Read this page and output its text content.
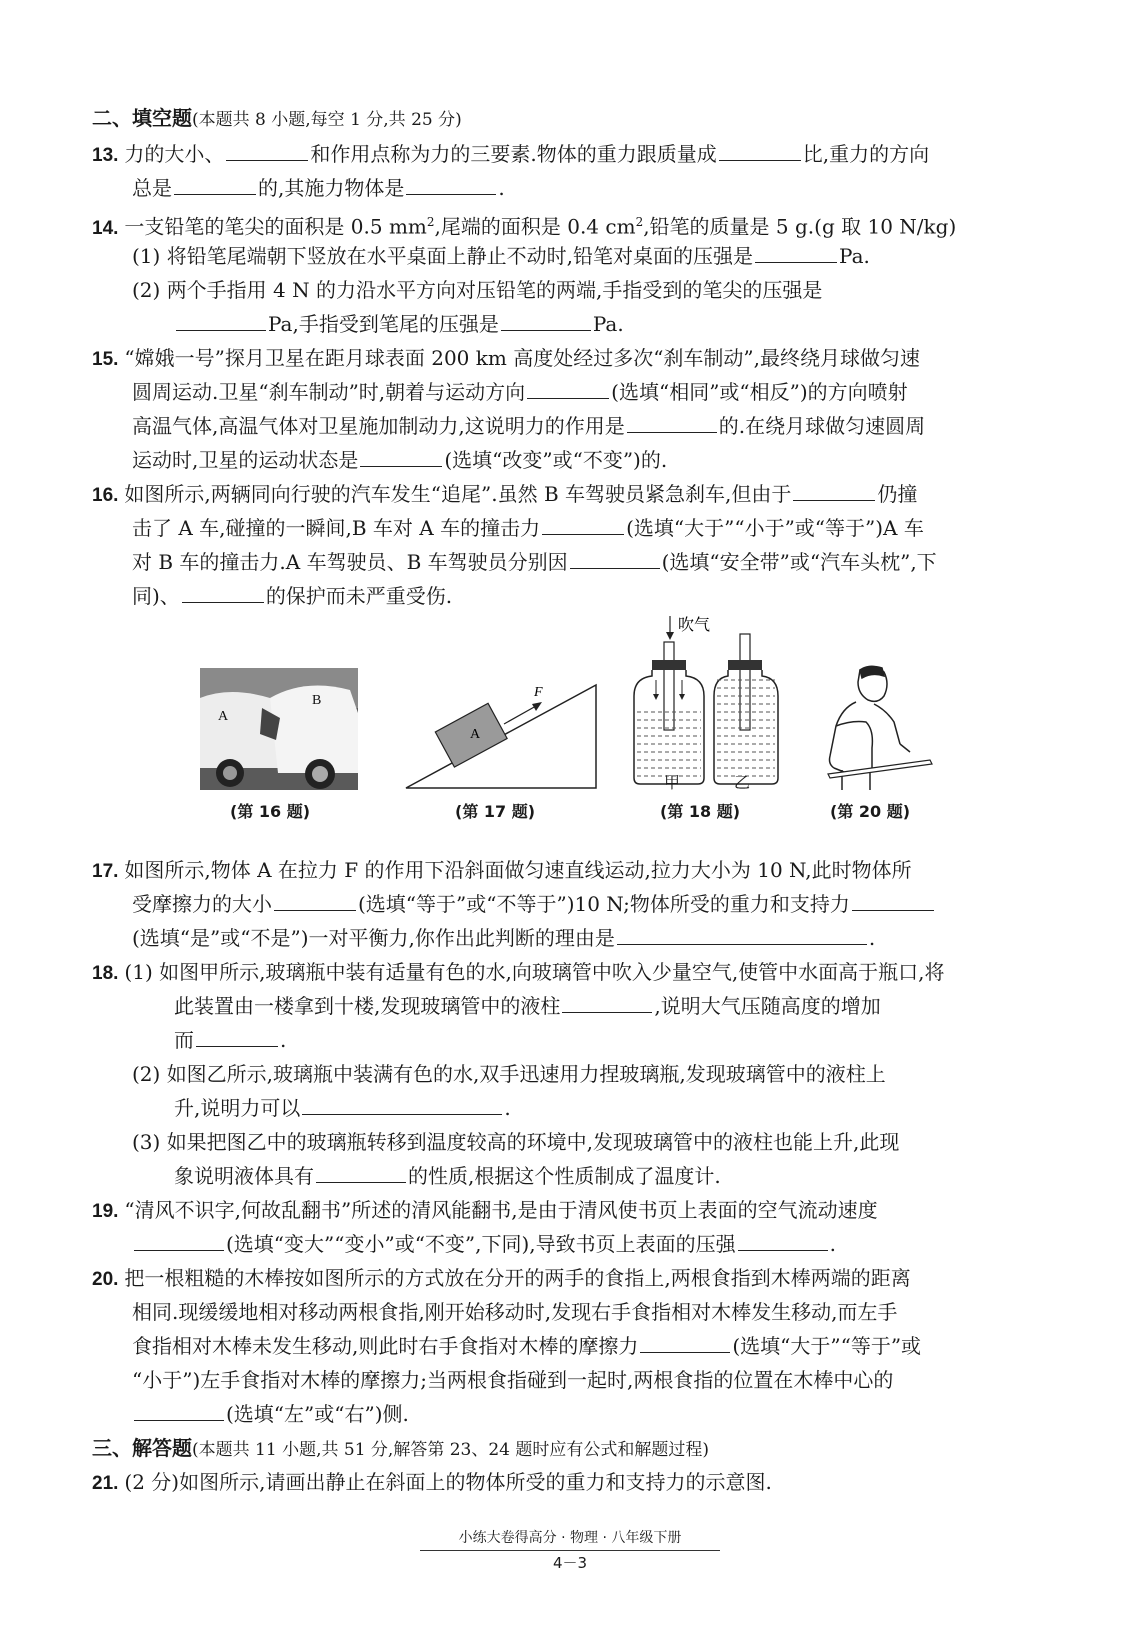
二、填空题(本题共 8 小题,每空 1 分,共 25 分)
13. 力的大小、	和作用点称为力的三要素.物体的重力跟质量成	比,重力的方向
总是	的,其施力物体是	.
14. 一支铅笔的笔尖的面积是 0.5 $mm^2$,尾端的面积是 0.4 $cm^2$,铅笔的质量是 5 g.(g 取 10 N/kg)
(1) 将铅笔尾端朝下竖放在水平桌面上静止不动时,铅笔对桌面的压强是	Pa.
(2) 两个手指用 4 N 的力沿水平方向对压铅笔的两端,手指受到的笔尖的压强是
Pa,手指受到笔尾的压强是	Pa.
15. “嫦娥一号”探月卫星在距月球表面 200 km 高度处经过多次“刹车制动”,最终绕月球做匀速
圆周运动.卫星“刹车制动”时,朝着与运动方向	(选填“相同”或“相反”)的方向喷射
高温气体,高温气体对卫星施加制动力,这说明力的作用是	的.在绕月球做匀速圆周
运动时,卫星的运动状态是	(选填“改变”或“不变”)的.
16. 如图所示,两辆同向行驶的汽车发生“追尾”.虽然 B 车驾驶员紧急刹车,但由于	仍撞
击了 A 车,碰撞的一瞬间,B 车对 A 车的撞击力	(选填“大于”“小于”或“等于”)A 车
对 B 车的撞击力.A 车驾驶员、B 车驾驶员分别因	(选填“安全带”或“汽车头枕”,下
同)、	的保护而未严重受伤.
A
B
(第 16 题)
A
F
(第 17 题)
吹气
甲	乙
(第 18 题)	(第 20 题)
17. 如图所示,物体 A 在拉力 F 的作用下沿斜面做匀速直线运动,拉力大小为 10 N,此时物体所
受摩擦力的大小	(选填“等于”或“不等于”)10 N;物体所受的重力和支持力
(选填“是”或“不是”)一对平衡力,你作出此判断的理由是	.
18. (1) 如图甲所示,玻璃瓶中装有适量有色的水,向玻璃管中吹入少量空气,使管中水面高于瓶口,将
此装置由一楼拿到十楼,发现玻璃管中的液柱	,说明大气压随高度的增加
而	.
(2) 如图乙所示,玻璃瓶中装满有色的水,双手迅速用力捏玻璃瓶,发现玻璃管中的液柱上
升,说明力可以	.
(3) 如果把图乙中的玻璃瓶转移到温度较高的环境中,发现玻璃管中的液柱也能上升,此现
象说明液体具有	的性质,根据这个性质制成了温度计.
19. “清风不识字,何故乱翻书”所述的清风能翻书,是由于清风使书页上表面的空气流动速度
(选填“变大”“变小”或“不变”,下同),导致书页上表面的压强	.
20. 把一根粗糙的木棒按如图所示的方式放在分开的两手的食指上,两根食指到木棒两端的距离
相同.现缓缓地相对移动两根食指,刚开始移动时,发现右手食指相对木棒发生移动,而左手
食指相对木棒未发生移动,则此时右手食指对木棒的摩擦力	(选填“大于”“等于”或
“小于”)左手食指对木棒的摩擦力;当两根食指碰到一起时,两根食指的位置在木棒中心的
(选填“左”或“右”)侧.
三、解答题(本题共 11 小题,共 51 分,解答第 23、24 题时应有公式和解题过程)
21. (2 分)如图所示,请画出静止在斜面上的物体所受的重力和支持力的示意图.
小练大卷得高分 · 物理 · 八年级下册
4－3
